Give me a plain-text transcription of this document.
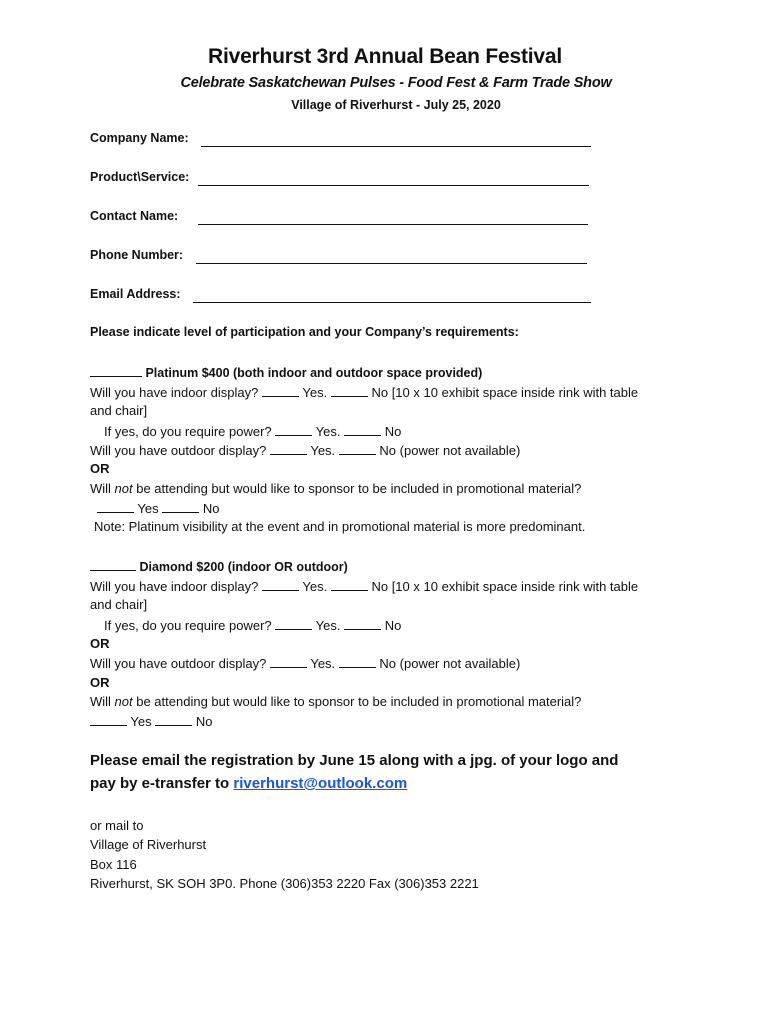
Riverhurst 3rd Annual Bean Festival
Celebrate Saskatchewan Pulses - Food Fest & Farm Trade Show
Village of Riverhurst - July 25, 2020
Company Name:
Product\Service:
Contact Name:
Phone Number:
Email Address:
Please indicate level of participation and your Company’s requirements:
Platinum $400 (both indoor and outdoor space provided)
Will you have indoor display?	Yes.	No [10 x 10 exhibit space inside rink with table
and chair]
If yes, do you require power?	Yes.	No
Will you have outdoor display?	Yes.	No (power not available)
OR
Will not be attending but would like to sponsor to be included in promotional material?
Yes	No
Note: Platinum visibility at the event and in promotional material is more predominant.
Diamond $200 (indoor OR outdoor)
Will you have indoor display?	Yes.	No [10 x 10 exhibit space inside rink with table
and chair]
If yes, do you require power?	Yes.	No
OR
Will you have outdoor display?	Yes.	No (power not available)
OR
Will not be attending but would like to sponsor to be included in promotional material?
Yes	No
Please email the registration by June 15 along with a jpg. of your logo and
pay by e-transfer to riverhurst@outlook.com
or mail to
Village of Riverhurst
Box 116
Riverhurst, SK SOH 3P0. Phone (306)353 2220 Fax (306)353 2221
